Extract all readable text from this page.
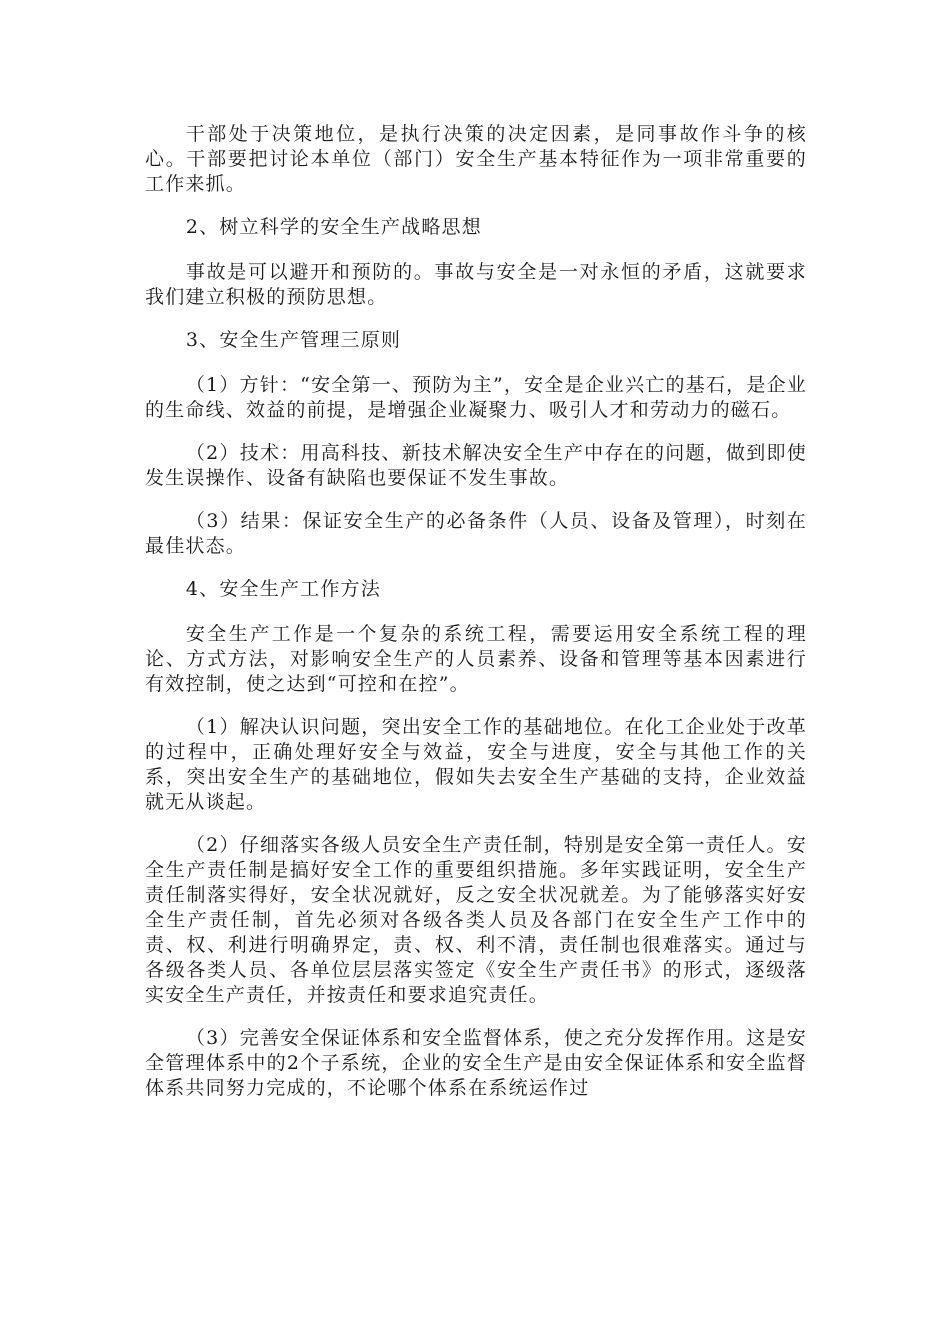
干部处于决策地位，是执行决策的决定因素，是同事故作斗争的核心。干部要把讨论本单位（部门）安全生产基本特征作为一项非常重要的工作来抓。

2、树立科学的安全生产战略思想

事故是可以避开和预防的。事故与安全是一对永恒的矛盾，这就要求我们建立积极的预防思想。

3、安全生产管理三原则

（1）方针：“安全第一、预防为主”，安全是企业兴亡的基石，是企业的生命线、效益的前提，是增强企业凝聚力、吸引人才和劳动力的磁石。

（2）技术：用高科技、新技术解决安全生产中存在的问题，做到即使发生误操作、设备有缺陷也要保证不发生事故。

（3）结果：保证安全生产的必备条件（人员、设备及管理），时刻在最佳状态。

4、安全生产工作方法

安全生产工作是一个复杂的系统工程，需要运用安全系统工程的理论、方式方法，对影响安全生产的人员素养、设备和管理等基本因素进行有效控制，使之达到“可控和在控”。

（1）解决认识问题，突出安全工作的基础地位。在化工企业处于改革的过程中，正确处理好安全与效益，安全与进度，安全与其他工作的关系，突出安全生产的基础地位，假如失去安全生产基础的支持，企业效益就无从谈起。

（2）仔细落实各级人员安全生产责任制，特别是安全第一责任人。安全生产责任制是搞好安全工作的重要组织措施。多年实践证明，安全生产责任制落实得好，安全状况就好，反之安全状况就差。为了能够落实好安全生产责任制，首先必须对各级各类人员及各部门在安全生产工作中的责、权、利进行明确界定，责、权、利不清，责任制也很难落实。通过与各级各类人员、各单位层层落实签定《安全生产责任书》的形式，逐级落实安全生产责任，并按责任和要求追究责任。

（3）完善安全保证体系和安全监督体系，使之充分发挥作用。这是安全管理体系中的2个子系统，企业的安全生产是由安全保证体系和安全监督体系共同努力完成的，不论哪个体系在系统运作过
